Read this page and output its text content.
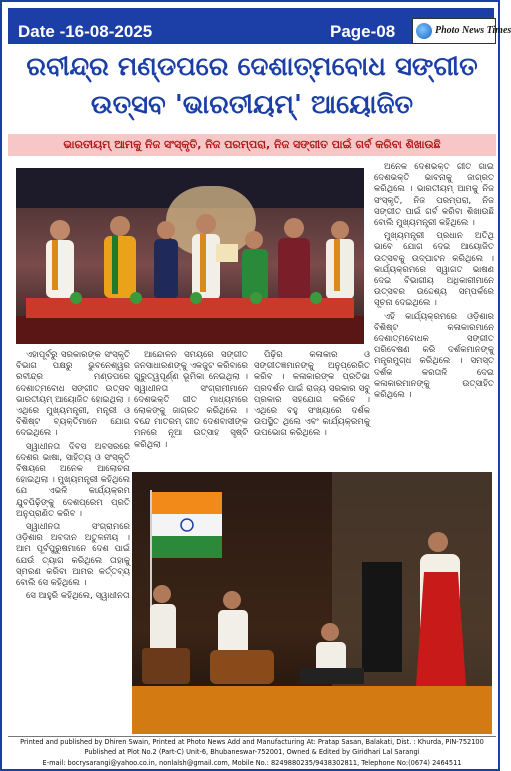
Date -16-08-2025	Page-08	Photo News Times
ରବୀନ୍ଦ୍ର ମଣ୍ଡପରେ ଦେଶାତ୍ମବୋଧ ସଙ୍ଗୀତ
ଉତ୍ସବ 'ଭାରତୀୟମ୍' ଆୟୋଜିତ
ଭାରତୀୟମ୍ ଆମକୁ ନିଜ ସଂସ୍କୃତି, ନିଜ ପରମ୍ପରା, ନିଜ ସଙ୍ଗୀତ ପାଇଁ ଗର୍ବ କରିବା ଶିଖାଉଛି

ଅନେକ ଦେଶଭକ୍ତ ଗୀତ ଗାଇ ଦେଶଭକ୍ତି ଭାବନାକୁ ଜାଗ୍ରତ କରିଥିଲେ । ଭାରତୀୟମ୍ ଆମକୁ ନିଜ ସଂସ୍କୃତି, ନିଜ ପରମ୍ପରା, ନିଜ ସଙ୍ଗୀତ ପାଇଁ ଗର୍ବ କରିବା ଶିଖାଉଛି ବୋଲି ମୁଖ୍ୟମନ୍ତ୍ରୀ କହିଥିଲେ ।

ମୁଖ୍ୟମନ୍ତ୍ରୀ ପ୍ରଧାନ ଅତିଥି ଭାବେ ଯୋଗ ଦେଇ ଆୟୋଜିତ ଉତ୍ସବକୁ ଉଦ୍‌ଘାଟନ କରିଥିଲେ । କାର୍ଯ୍ୟକ୍ରମରେ ସ୍ୱାଗତ ଭାଷଣ ଦେଇ ବିଭାଗୀୟ ଅଧିକାରୀମାନେ ଉତ୍ସବର ଉଦ୍ଦେଶ୍ୟ ସମ୍ପର୍କରେ ସୂଚନା ଦେଇଥିଲେ ।

ଏହି କାର୍ଯ୍ୟକ୍ରମରେ ଓଡ଼ିଶାର ବିଶିଷ୍ଟ କଳାକାରମାନେ ଦେଶାତ୍ମବୋଧକ ସଙ୍ଗୀତ ପରିବେଷଣ କରି ଦର୍ଶକମାନଙ୍କୁ ମନ୍ତ୍ରମୁଗ୍ଧ କରିଥିଲେ । ସମସ୍ତ ଦର୍ଶକ କରତାଳି ଦେଇ କଳାକାରମାନଙ୍କୁ ଉତ୍ସାହିତ କରିଥିଲେ ।

ଏହାପୂର୍ବରୁ ସରକାରଙ୍କ ସଂସ୍କୃତି ବିଭାଗ ପକ୍ଷରୁ ଭୁବନେଶ୍ୱର ରବୀନ୍ଦ୍ର ମଣ୍ଡପରେ ଦେଶାତ୍ମବୋଧ ସଙ୍ଗୀତ ଉତ୍ସବ ଭାରତୀୟମ୍ ଆୟୋଜିତ ହୋଇଥିଲା । ଏଥିରେ ମୁଖ୍ୟମନ୍ତ୍ରୀ, ମନ୍ତ୍ରୀ ଓ ବିଶିଷ୍ଟ ବ୍ୟକ୍ତିମାନେ ଯୋଗ ଦେଇଥିଲେ ।

ସ୍ୱାଧୀନତା ଦିବସ ଅବସରରେ ଦେଶର ଭାଷା, ସାହିତ୍ୟ ଓ ସଂସ୍କୃତି ବିଷୟରେ ଅନେକ ଆଲୋଚନା ହୋଇଥିଲା । ମୁଖ୍ୟମନ୍ତ୍ରୀ କହିଥିଲେ ଯେ ଏଭଳି କାର୍ଯ୍ୟକ୍ରମ ଯୁବପିଢ଼ିଙ୍କୁ ଦେଶପ୍ରେମ ପ୍ରତି ଅନୁପ୍ରାଣିତ କରିବ ।

ସ୍ୱାଧୀନତା ସଂଗ୍ରାମରେ ଓଡ଼ିଶାର ଅବଦାନ ଅତୁଳନୀୟ । ଆମ ପୂର୍ବପୁରୁଷମାନେ ଦେଶ ପାଇଁ ଯେଉଁ ତ୍ୟାଗ କରିଥିଲେ ତାହାକୁ ସ୍ମରଣ କରିବା ଆମର କର୍ତ୍ତବ୍ୟ ବୋଲି ସେ କହିଥିଲେ ।

ସେ ଆହୁରି କହିଥିଲେ, ସ୍ୱାଧୀନତା

ଆନ୍ଦୋଳନ ସମୟରେ ସଙ୍ଗୀତ ଜନସାଧାରଣଙ୍କୁ ଏକଜୁଟ କରିବାରେ ଗୁରୁତ୍ୱପୂର୍ଣ୍ଣ ଭୂମିକା ନେଇଥିଲା । ସ୍ୱାଧୀନତା ସଂଗ୍ରାମୀମାନେ ଦେଶଭକ୍ତି ଗୀତ ମାଧ୍ୟମରେ ଲୋକଙ୍କୁ ଜାଗ୍ରତ କରିଥିଲେ । ବନ୍ଦେ ମାତରମ୍ ଗୀତ ଦେଶବାସୀଙ୍କ ମନରେ ନୂଆ ଉତ୍ସାହ ସୃଷ୍ଟି କରିଥିଲା ।

ପିଢ଼ିର କଳାକାର ଓ ସଙ୍ଗୀତଜ୍ଞମାନଙ୍କୁ ଅନୁପ୍ରେରିତ କରିବ । କଳାକାରଙ୍କ ପ୍ରତିଭା ପ୍ରଦର୍ଶନ ପାଇଁ ରାଜ୍ୟ ସରକାର ସବୁ ପ୍ରକାର ସହଯୋଗ କରିବେ । ଏଥିରେ ବହୁ ସଂଖ୍ୟାରେ ଦର୍ଶକ ଉପସ୍ଥିତ ଥିଲେ ଏବଂ କାର୍ଯ୍ୟକ୍ରମକୁ ଉପଭୋଗ କରିଥିଲେ ।

Printed and published by Dhiren Swain, Printed at Photo News Add and Manufacturing At: Pratap Sasan, Balakati, Dist. : Khurda, PIN-752100
Published at Plot No.2 (Part-C) Unit-6, Bhubaneswar-752001, Owned & Edited by Giridhari Lal Sarangi
E-mail: bocrysarangi@yahoo.co.in, nonlalsh@gmail.com, Mobile No.: 8249880235/9438302811, Telephone No:(0674) 2464511
